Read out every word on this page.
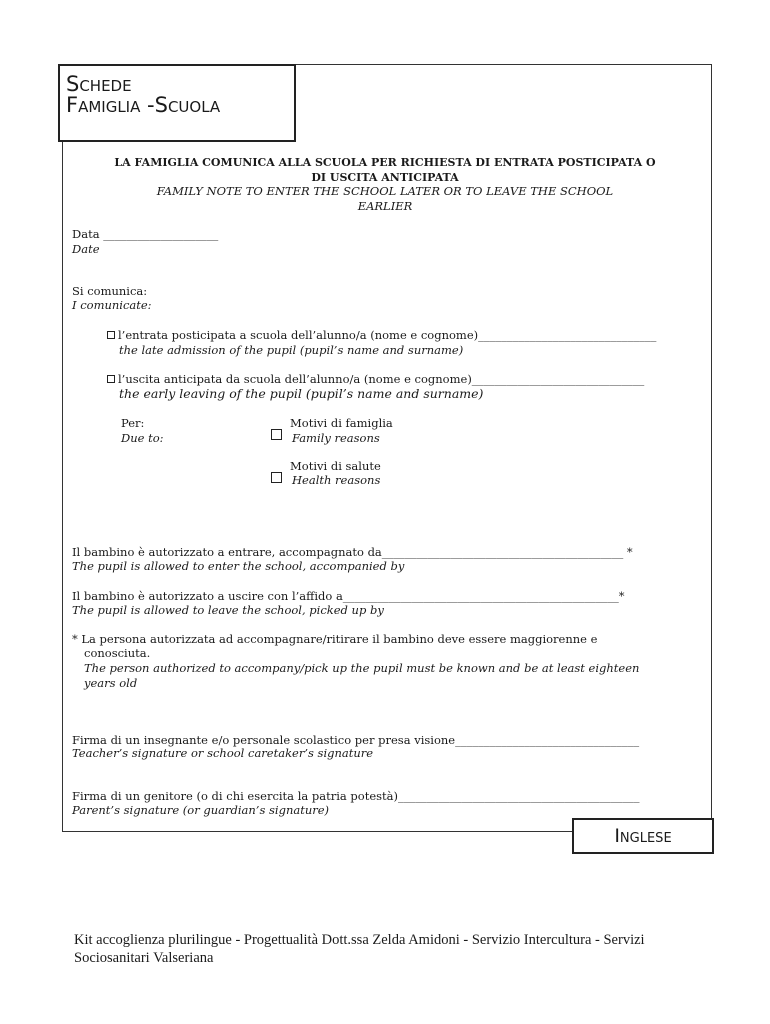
Schede
Famiglia -Scuola
LA FAMIGLIA COMUNICA ALLA SCUOLA PER RICHIESTA DI ENTRATA POSTICIPATA O
DI USCITA ANTICIPATA
FAMILY NOTE TO ENTER THE SCHOOL LATER OR TO LEAVE THE SCHOOL
EARLIER
Data ____________________
Date
Si comunica:
I comunicate:
l’entrata posticipata a scuola dell’alunno/a (nome e cognome)_______________________________
the late admission of the pupil (pupil’s name and surname)
l’uscita anticipata da scuola dell’alunno/a (nome e cognome)______________________________
the early leaving of the pupil (pupil’s name and surname)
Per:
Due to:
Motivi di famiglia
Family reasons
Motivi di salute
Health reasons
Il bambino è autorizzato a entrare, accompagnato da__________________________________________ *
The pupil is allowed to enter the school, accompanied by
Il bambino è autorizzato a uscire con l’affido a________________________________________________*
The pupil is allowed to leave the school, picked up by
* La persona autorizzata ad accompagnare/ritirare il bambino deve essere maggiorenne e
conosciuta.
The person authorized to accompany/pick up the pupil must be known and be at least eighteen
years old
Firma di un insegnante e/o personale scolastico per presa visione________________________________
Teacher’s signature or school caretaker’s signature
Firma di un genitore (o di chi esercita la patria potestà)__________________________________________
Parent’s signature (or guardian’s signature)
Inglese
Kit accoglienza plurilingue - Progettualità Dott.ssa Zelda Amidoni - Servizio Intercultura - Servizi
Sociosanitari Valseriana
